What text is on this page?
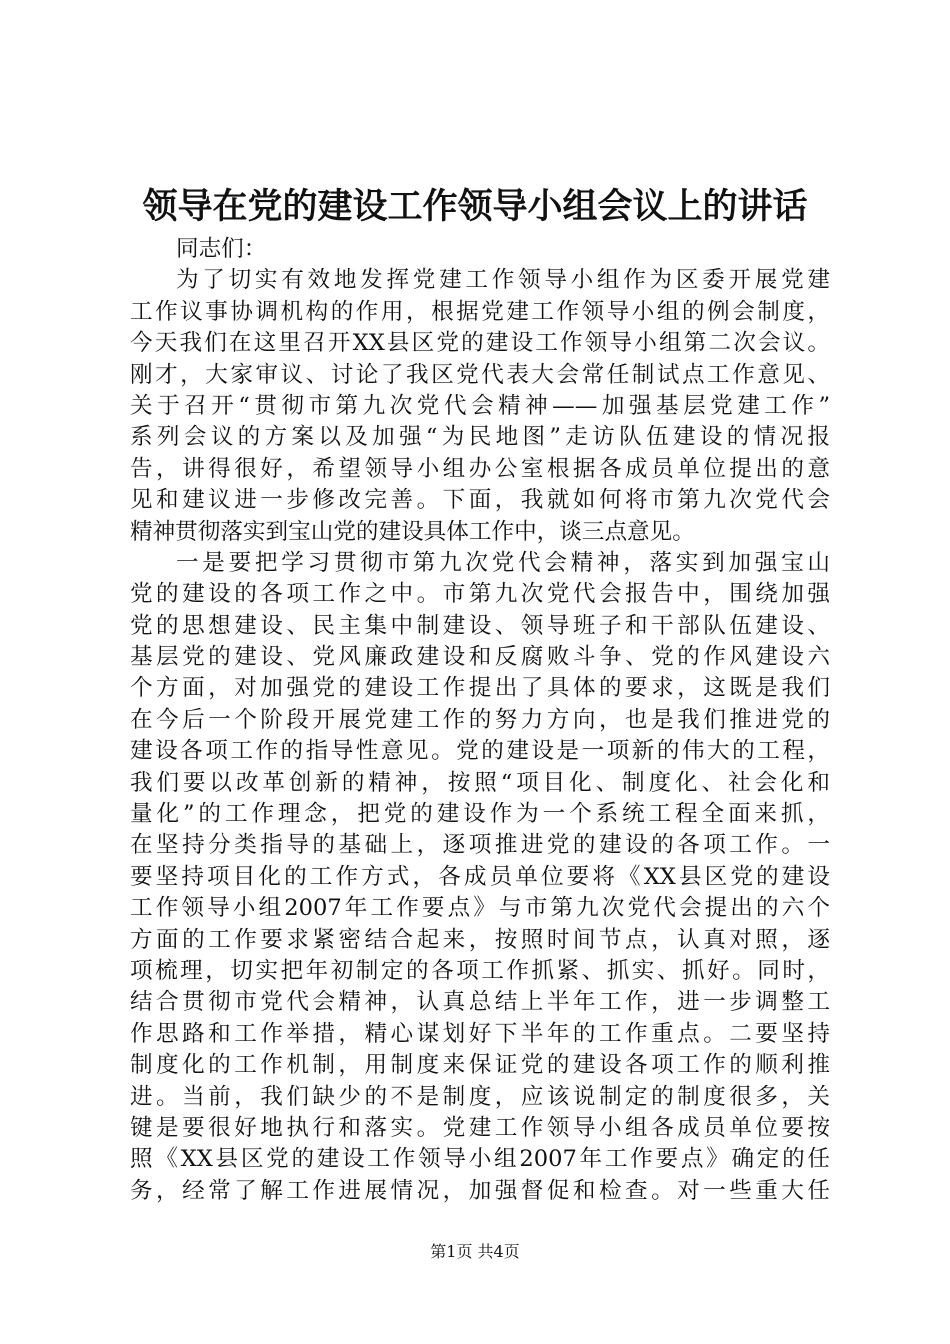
领导在党的建设工作领导小组会议上的讲话
同志们：
为了切实有效地发挥党建工作领导小组作为区委开展党建
工作议事协调机构的作用，根据党建工作领导小组的例会制度，
今天我们在这里召开XX县区党的建设工作领导小组第二次会议。
刚才，大家审议、讨论了我区党代表大会常任制试点工作意见、
关于召开“贯彻市第九次党代会精神——加强基层党建工作”
系列会议的方案以及加强“为民地图”走访队伍建设的情况报
告，讲得很好，希望领导小组办公室根据各成员单位提出的意
见和建议进一步修改完善。下面，我就如何将市第九次党代会
精神贯彻落实到宝山党的建设具体工作中，谈三点意见。
一是要把学习贯彻市第九次党代会精神，落实到加强宝山
党的建设的各项工作之中。市第九次党代会报告中，围绕加强
党的思想建设、民主集中制建设、领导班子和干部队伍建设、
基层党的建设、党风廉政建设和反腐败斗争、党的作风建设六
个方面，对加强党的建设工作提出了具体的要求，这既是我们
在今后一个阶段开展党建工作的努力方向，也是我们推进党的
建设各项工作的指导性意见。党的建设是一项新的伟大的工程，
我们要以改革创新的精神，按照“项目化、制度化、社会化和
量化”的工作理念，把党的建设作为一个系统工程全面来抓，
在坚持分类指导的基础上，逐项推进党的建设的各项工作。一
要坚持项目化的工作方式，各成员单位要将《XX县区党的建设
工作领导小组2007年工作要点》与市第九次党代会提出的六个
方面的工作要求紧密结合起来，按照时间节点，认真对照，逐
项梳理，切实把年初制定的各项工作抓紧、抓实、抓好。同时，
结合贯彻市党代会精神，认真总结上半年工作，进一步调整工
作思路和工作举措，精心谋划好下半年的工作重点。二要坚持
制度化的工作机制，用制度来保证党的建设各项工作的顺利推
进。当前，我们缺少的不是制度，应该说制定的制度很多，关
键是要很好地执行和落实。党建工作领导小组各成员单位要按
照《XX县区党的建设工作领导小组2007年工作要点》确定的任
务，经常了解工作进展情况，加强督促和检查。对一些重大任
第1页 共4页
